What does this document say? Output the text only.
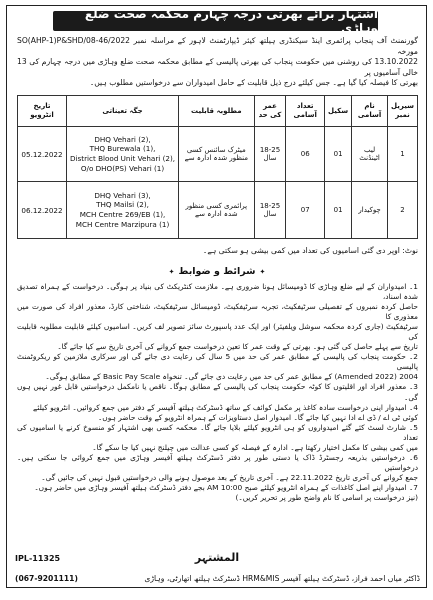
اشتہار برائے بھرتی درجہ چہارم محکمہ صحت ضلع وہاڑی
گورنمنٹ آف پنجاب پرائمری اینڈ سیکنڈری ہیلتھ کیئر ڈیپارٹمنٹ لاہور کے مراسلہ نمبر SO(AHP-1)P&SHD/08-46/2022 مورخہ
13.10.2022 کی روشنی میں حکومت پنجاب کی بھرتی پالیسی کے مطابق محکمہ صحت ضلع وہاڑی میں درجہ چہارم کی 13 خالی آسامیوں پر
بھرتی کا فیصلہ کیا گیا ہے۔ جس کیلئے درج ذیل قابلیت کے حامل امیدواران سے درخواستیں مطلوب ہیں۔
سیریل نمبر	نام آسامی	سکیل	تعداد آسامی	عمر کی حد	مطلوبہ قابلیت	جگہ تعیناتی	تاریخ انٹرویو
1	لیب اٹینڈنٹ	01	06	18-25 سال	میٹرک سائنس کسی منظور شدہ ادارہ سے	DHQ Vehari (2),
THQ Burewala (1),
District Blood Unit Vehari (2),
O/o DHO(PS) Vehari (1)	05.12.2022
2	چوکیدار	01	07	18-25 سال	پرائمری کسی منظور شدہ ادارہ سے	DHQ Vehari (3),
THQ Mailsi (2),
MCH Centre 269/EB (1),
MCH Centre Marzipura (1)	06.12.2022
نوٹ: اوپر دی گئی اسامیوں کی تعداد میں کمی بیشی ہو سکتی ہے۔
✦ شرائط و ضوابط ✦
1۔ امیدواران کے لیے ضلع وہاڑی کا ڈومیسائل ہونا ضروری ہے۔ ملازمت کنٹریکٹ کی بنیاد پر ہوگی۔ درخواست کے ہمراہ تصدیق شدہ اسناد،
حاصل کردہ نمبروں کے تفصیلی سرٹیفکیٹ، تجربہ سرٹیفکیٹ، ڈومیسائل سرٹیفکیٹ، شناختی کارڈ، معذور افراد کی صورت میں معذوری کا
سرٹیفکیٹ (جاری کردہ محکمہ سوشل ویلفیئر) اور ایک عدد پاسپورٹ سائز تصویر لف کریں۔ اسامیوں کیلئے قابلیت مطلوبہ قابلیت کی
تاریخ سے پہلے حاصل کی گئی ہو۔ بھرتی کے وقت عمر کا تعین درخواست جمع کروانے کی آخری تاریخ سے کیا جائے گا۔
2۔ حکومت پنجاب کی پالیسی کے مطابق عمر کی حد میں 5 سال کی رعایت دی جائے گی اور سرکاری ملازمین کو ریکروٹمنٹ پالیسی
2004 (Amended 2022) کے مطابق عمر کی حد میں رعایت دی جائے گی۔ تنخواہ Basic Pay Scale کے مطابق ہوگی۔
3۔ معذور افراد اور اقلیتوں کا کوٹہ حکومت پنجاب کی پالیسی کے مطابق ہوگا۔ ناقص یا نامکمل درخواستیں قابل غور نہیں ہوں گی۔
4۔ امیدوار اپنی درخواست سادہ کاغذ پر مکمل کوائف کے ساتھ ڈسٹرکٹ ہیلتھ آفیسر کے دفتر میں جمع کروائیں۔ انٹرویو کیلئے
کوئی ٹی اے / ڈی اے ادا نہیں کیا جائے گا۔ امیدوار اصل دستاویزات کے ہمراہ انٹرویو کے وقت حاضر ہوں۔
5۔ شارٹ لسٹ کئے گئے امیدواروں کو ہی انٹرویو کیلئے بلایا جائے گا۔ محکمہ کسی بھی اشتہار کو منسوخ کرنے یا اسامیوں کی تعداد
میں کمی بیشی کا مکمل اختیار رکھتا ہے۔ ادارہ کے فیصلہ کو کسی عدالت میں چیلنج نہیں کیا جا سکے گا۔
6۔ درخواستیں بذریعہ رجسٹرڈ ڈاک یا دستی طور پر دفتر ڈسٹرکٹ ہیلتھ آفیسر وہاڑی میں جمع کروائی جا سکتی ہیں۔ درخواستیں
جمع کروانے کی آخری تاریخ 22.11.2022 ہے۔ آخری تاریخ کے بعد موصول ہونے والی درخواستیں قبول نہیں کی جائیں گی۔
7۔ امیدوار اپنے اصل کاغذات کے ہمراہ انٹرویو کیلئے صبح 10:00 AM بجے دفتر ڈسٹرکٹ ہیلتھ آفیسر وہاڑی میں حاضر ہوں۔
(نیز درخواست پر اسامی کا نام واضح طور پر تحریر کریں۔)
IPL-11325	المشتہر
(067-9201111)	ڈاکٹر میاں احمد فراز، ڈسٹرکٹ ہیلتھ آفیسر HRM&MIS ڈسٹرکٹ ہیلتھ اتھارٹی، وہاڑی
